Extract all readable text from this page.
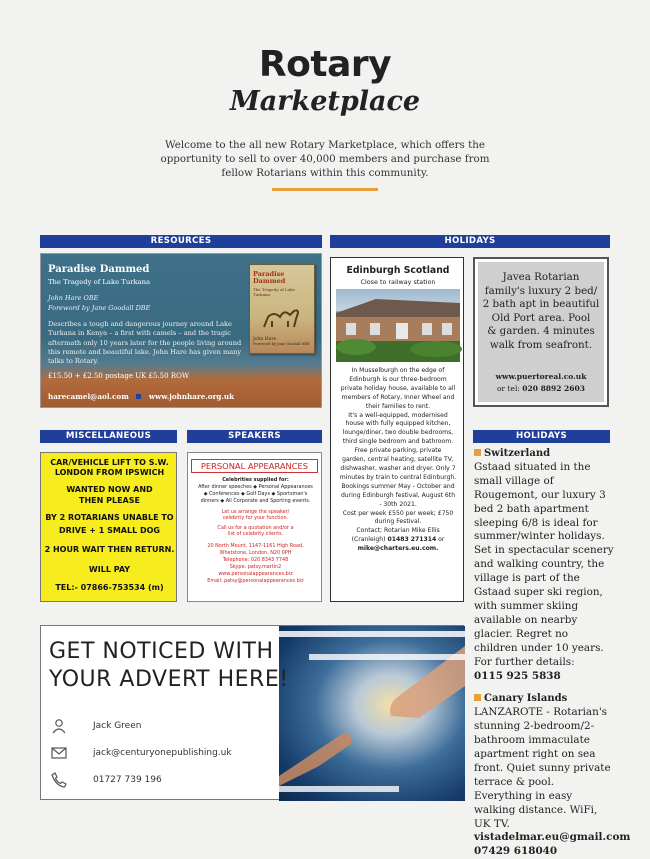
Rotary
Marketplace
Welcome to the all new Rotary Marketplace, which offers the opportunity to sell to over 40,000 members and purchase from fellow Rotarians within this community.
RESOURCES	HOLIDAYS
MISCELLANEOUS	SPEAKERS	HOLIDAYS
Paradise Dammed
The Tragedy of Lake Turkana
John Hare OBE
Foreword by Jane Goodall DBE
Describes a tough and dangerous journey around Lake Turkana in Kenya – a first with camels – and the tragic aftermath only 10 years later for the people living around this remote and beautiful lake. John Hare has given many talks to Rotary.
£15.50 + £2.50 postage UK £5.50 ROW
harecamel@aol.com	www.johnhare.org.uk
Paradise Dammed
The Tragedy of Lake Turkana
John Hare
Foreword by Jane Goodall DBE
Edinburgh Scotland
Close to railway station
In Musselburgh on the edge of
Edinburgh is our three-bedroom
private holiday house, available to all
members of Rotary, Inner Wheel and
their families to rent.
It's a well-equipped, modernised
house with fully equipped kitchen,
lounge/diner, two double bedrooms,
third single bedroom and bathroom.
Free private parking, private
garden, central heating, satellite TV,
dishwasher, washer and dryer. Only 7
minutes by train to central Edinburgh.
Bookings summer May - October and
during Edinburgh festival, August 6th
- 30th 2021.
Cost per week £550 per week; £750
during Festival.
Contact; Rotarian Mike Ellis
(Cranleigh) 01483 271314 or
mike@charters.eu.com.
Javea Rotarian
family's luxury 2 bed/
2 bath apt in beautiful
Old Port area. Pool
& garden. 4 minutes
walk from seafront.
www.puertoreal.co.uk
or tel: 020 8892 2603
CAR/VEHICLE LIFT TO S.W.
LONDON FROM IPSWICH
WANTED NOW AND
THEN PLEASE
BY 2 ROTARIANS UNABLE TO
DRIVE + 1 SMALL DOG
2 HOUR WAIT THEN RETURN.
WILL PAY
TEL:- 07866-753534 (m)
PERSONAL APPEARANCES
Celebrities supplied for:
After dinner speeches ◆ Personal Appearances
◆ Conferences ◆ Golf Days ◆ Sportsman's
dinners ◆ All Corporate and Sporting events.
Let us arrange the speaker/
celebrity for your function.
Call us for a quotation and/or a
list of celebrity clients.
20 North Mount, 1147-1161 High Road,
Whetstone, London, N20 0PH
Telephone: 020 8343 7748
Skype: patsy.martin2
www.personalappearances.biz
Email: patsy@personalappearances.biz
Switzerland
Gstaad situated in the small village of Rougemont, our luxury 3 bed 2 bath apartment sleeping 6/8 is ideal for summer/winter holidays. Set in spectacular scenery and walking country, the village is part of the Gstaad super ski region, with summer skiing available on nearby glacier. Regret no children under 10 years. For further details:
0115 925 5838
Canary Islands
LANZAROTE - Rotarian's stunning 2-bedroom/2-bathroom immaculate apartment right on sea front. Quiet sunny private terrace & pool. Everything in easy walking distance. WiFi, UK TV.
vistadelmar.eu@gmail.com
07429 618040
GET NOTICED WITH
YOUR ADVERT HERE!
Jack Green
jack@centuryonepublishing.uk
01727 739 196
